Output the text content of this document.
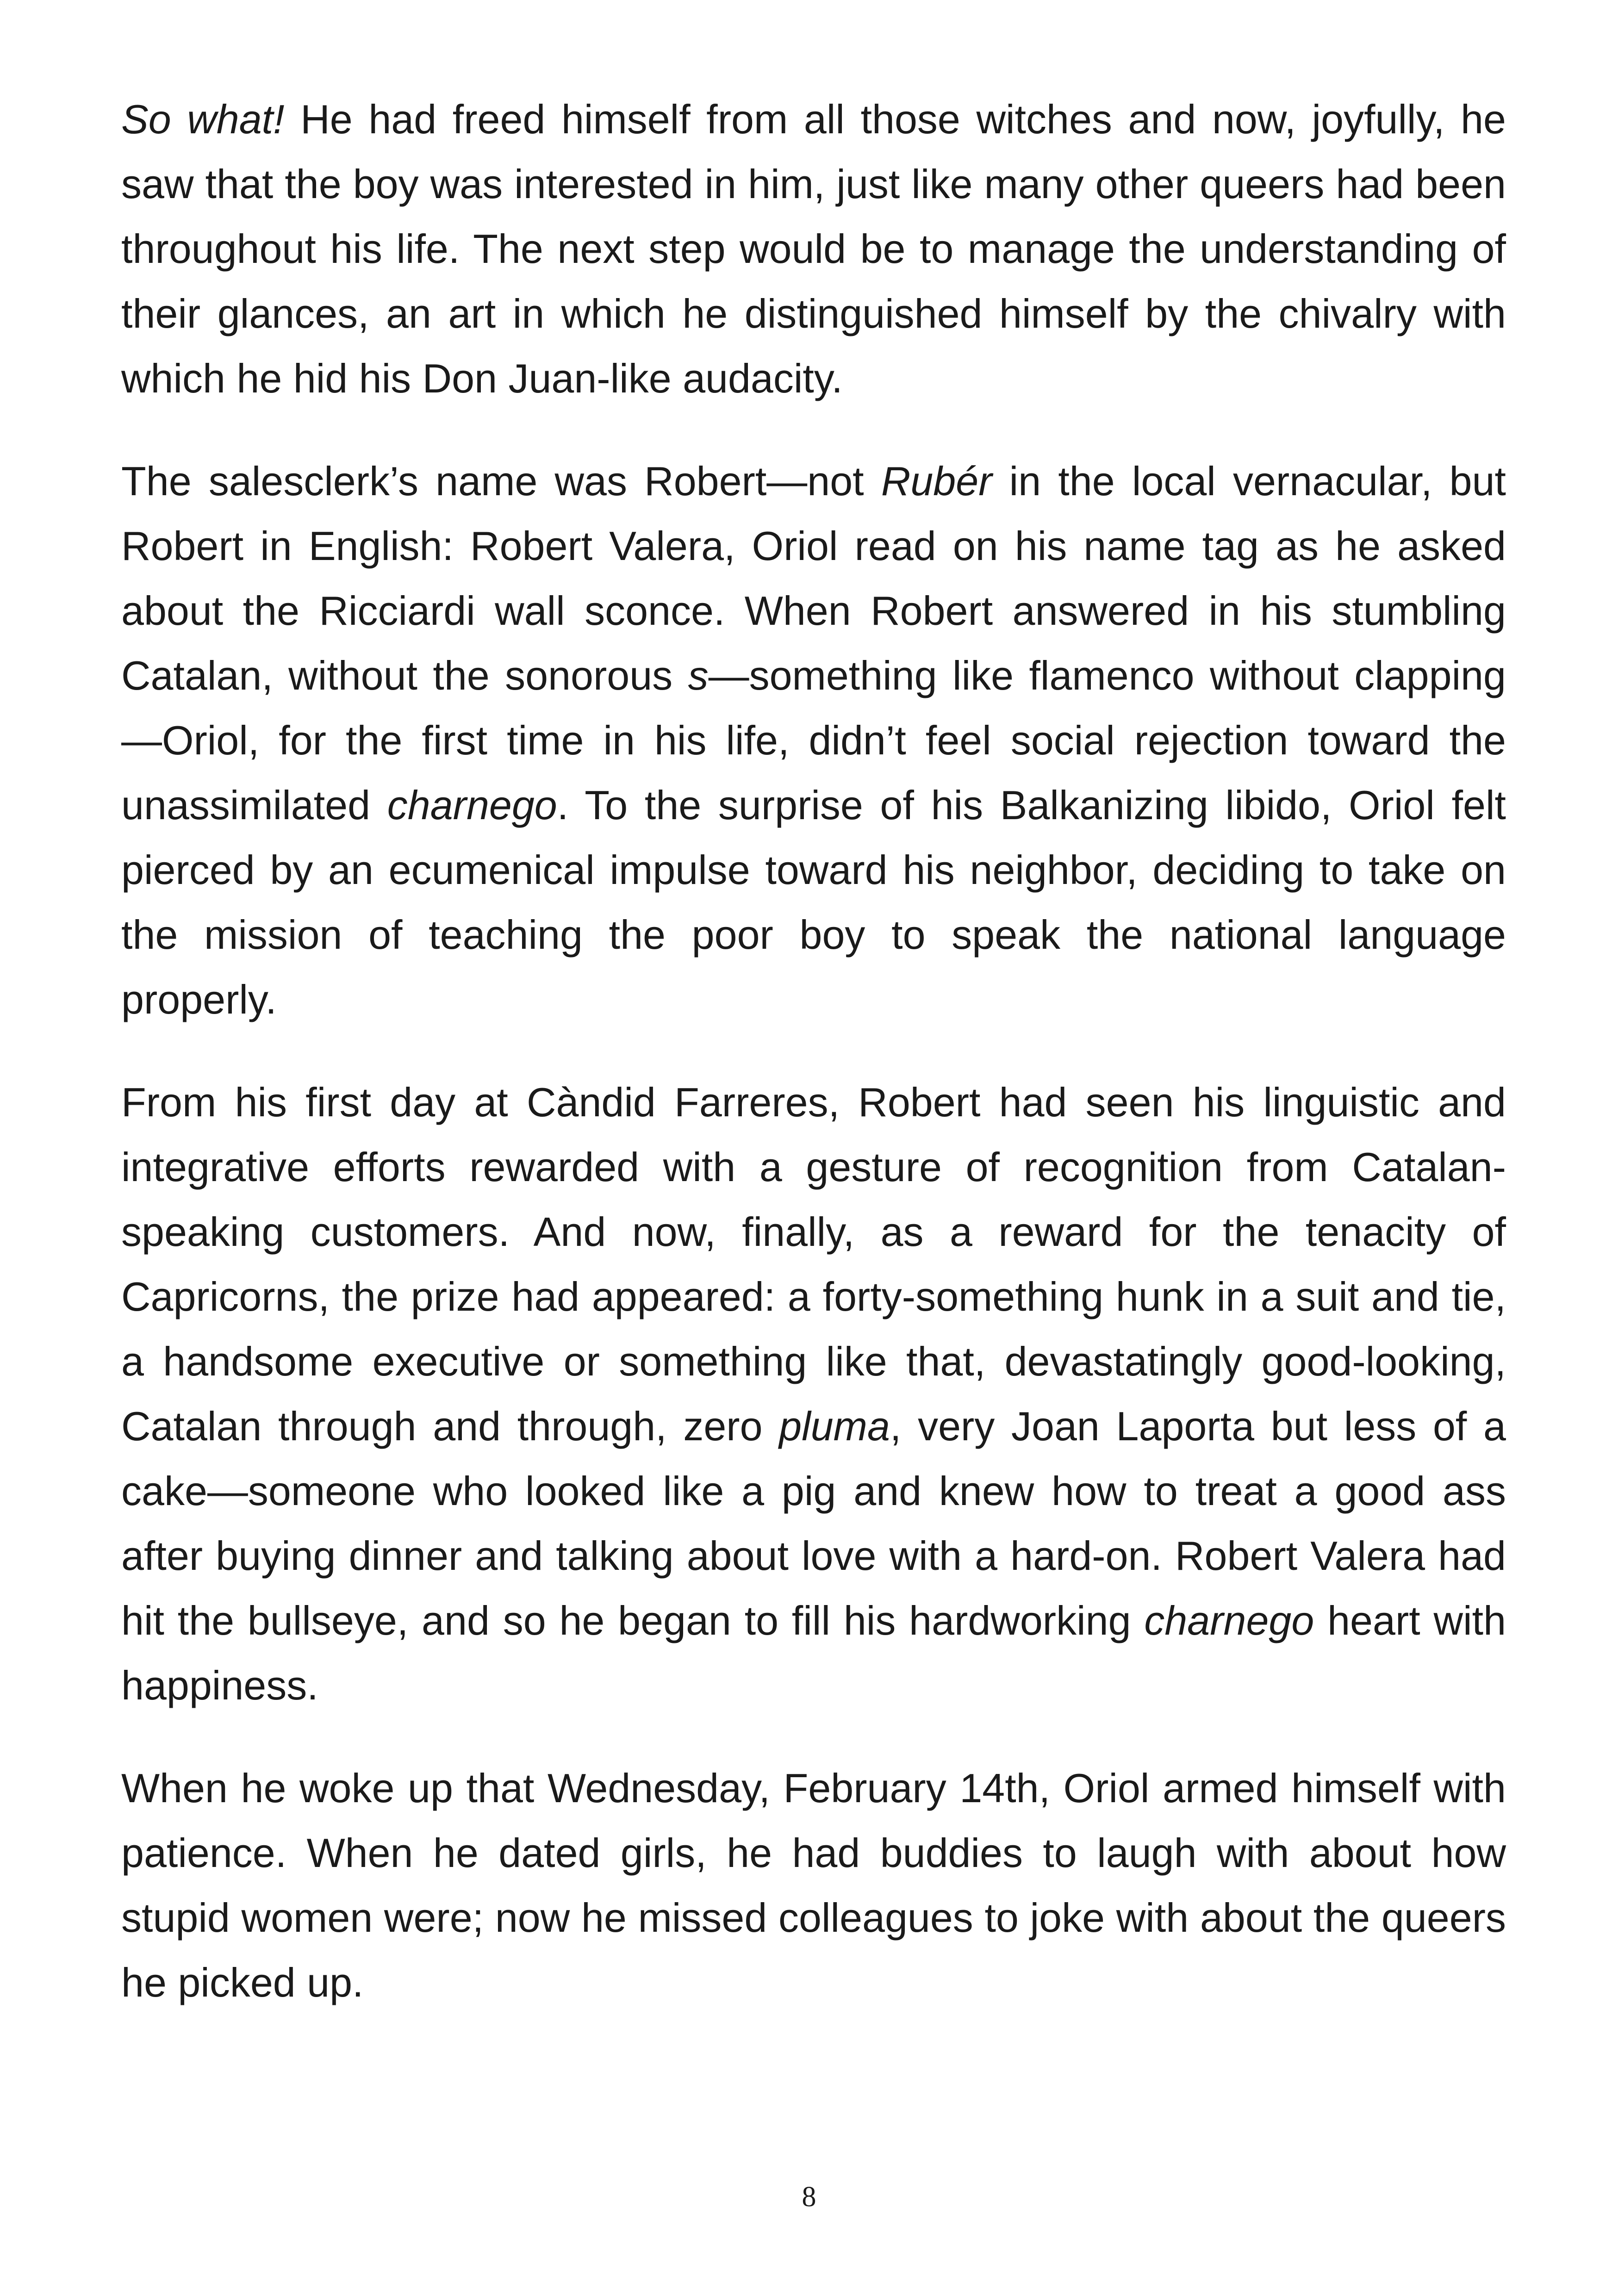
So what! He had freed himself from all those witches and now, joyfully, he saw that the boy was interested in him, just like many other queers had been throughout his life. The next step would be to manage the understanding of their glances, an art in which he distinguished himself by the chivalry with which he hid his Don Juan-like audacity.

The salesclerk’s name was Robert—not Rubér in the local vernacular, but Robert in English: Robert Valera, Oriol read on his name tag as he asked about the Ricciardi wall sconce. When Robert answered in his stumbling Catalan, without the sonorous s—something like flamenco without clapping—Oriol, for the first time in his life, didn’t feel social rejection toward the unassimilated charnego. To the surprise of his Balkanizing libido, Oriol felt pierced by an ecumenical impulse toward his neighbor, deciding to take on the mission of teaching the poor boy to speak the national language properly.

From his first day at Càndid Farreres, Robert had seen his linguistic and integrative efforts rewarded with a gesture of recognition from Catalan-speaking customers. And now, finally, as a reward for the tenacity of Capricorns, the prize had appeared: a forty-something hunk in a suit and tie, a handsome executive or something like that, devastatingly good-looking, Catalan through and through, zero pluma, very Joan Laporta but less of a cake—someone who looked like a pig and knew how to treat a good ass after buying dinner and talking about love with a hard-on. Robert Valera had hit the bullseye, and so he began to fill his hardworking charnego heart with happiness.

When he woke up that Wednesday, February 14th, Oriol armed himself with patience. When he dated girls, he had buddies to laugh with about how stupid women were; now he missed colleagues to joke with about the queers he picked up.

8
